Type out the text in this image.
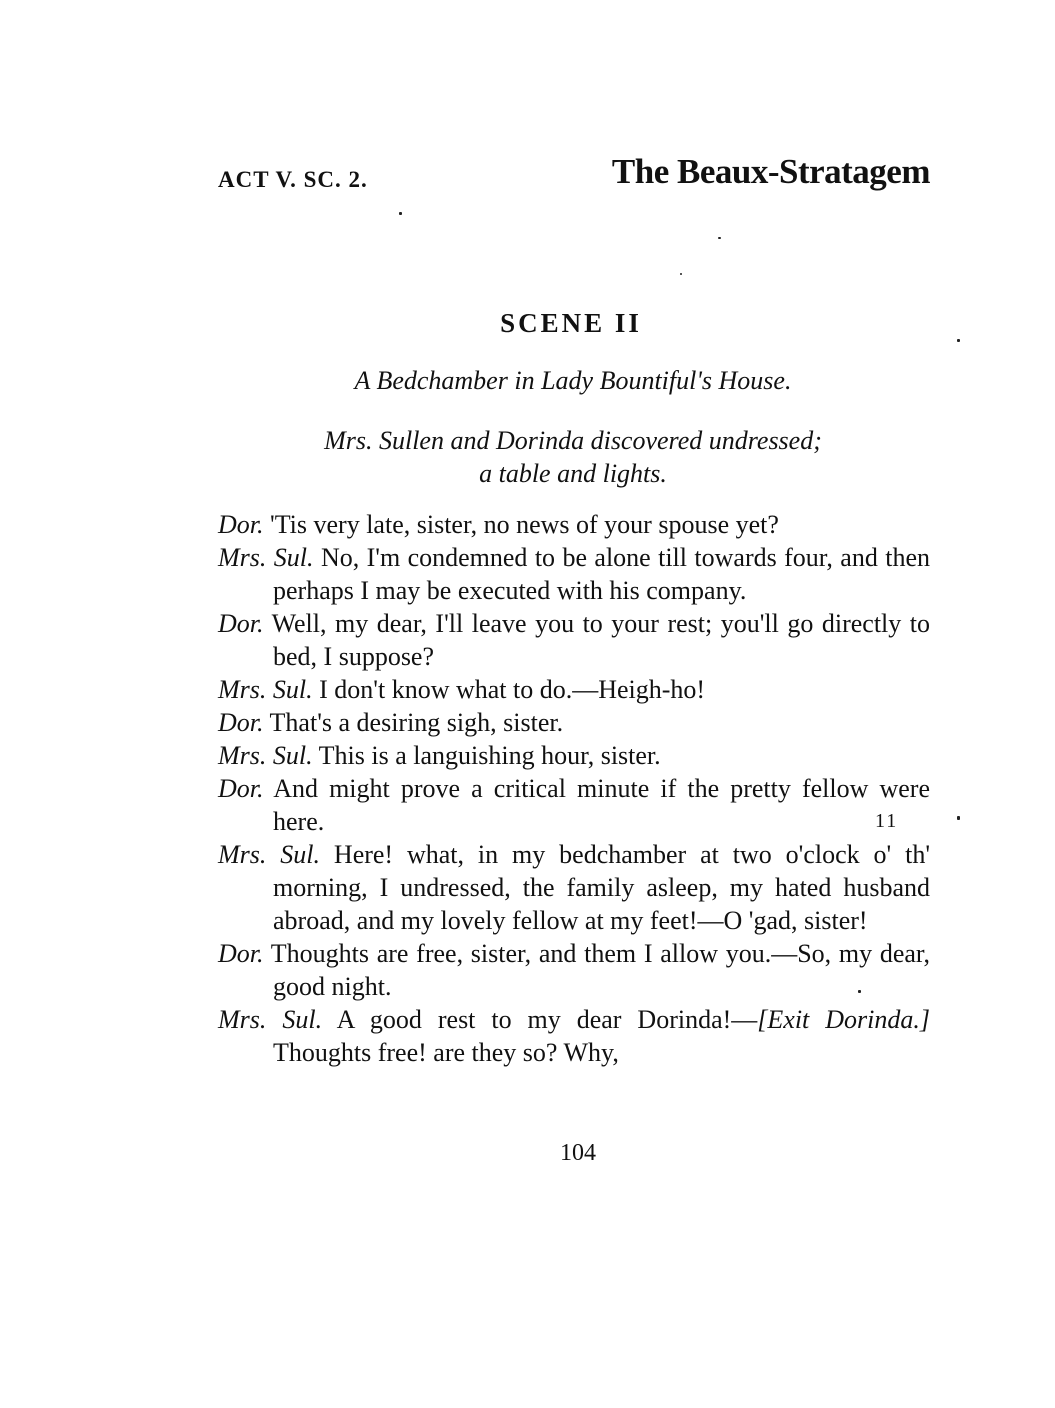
ACT V. SC. 2.	The Beaux-Stratagem
SCENE II
A Bedchamber in Lady Bountiful's House.
Mrs. Sullen and Dorinda discovered undressed;
a table and lights.
Dor. 'Tis very late, sister, no news of your spouse yet?
Mrs. Sul. No, I'm condemned to be alone till towards four, and then perhaps I may be executed with his company.
Dor. Well, my dear, I'll leave you to your rest; you'll go directly to bed, I suppose?
Mrs. Sul. I don't know what to do.—Heigh-ho!
Dor. That's a desiring sigh, sister.
Mrs. Sul. This is a languishing hour, sister.
Dor. And might prove a critical minute if the pretty fellow were here.	11
Mrs. Sul. Here! what, in my bedchamber at two o'clock o' th' morning, I undressed, the family asleep, my hated husband abroad, and my lovely fellow at my feet!—O 'gad, sister!
Dor. Thoughts are free, sister, and them I allow you.—So, my dear, good night.
Mrs. Sul. A good rest to my dear Dorinda!—[Exit Dorinda.] Thoughts free! are they so? Why,
104
